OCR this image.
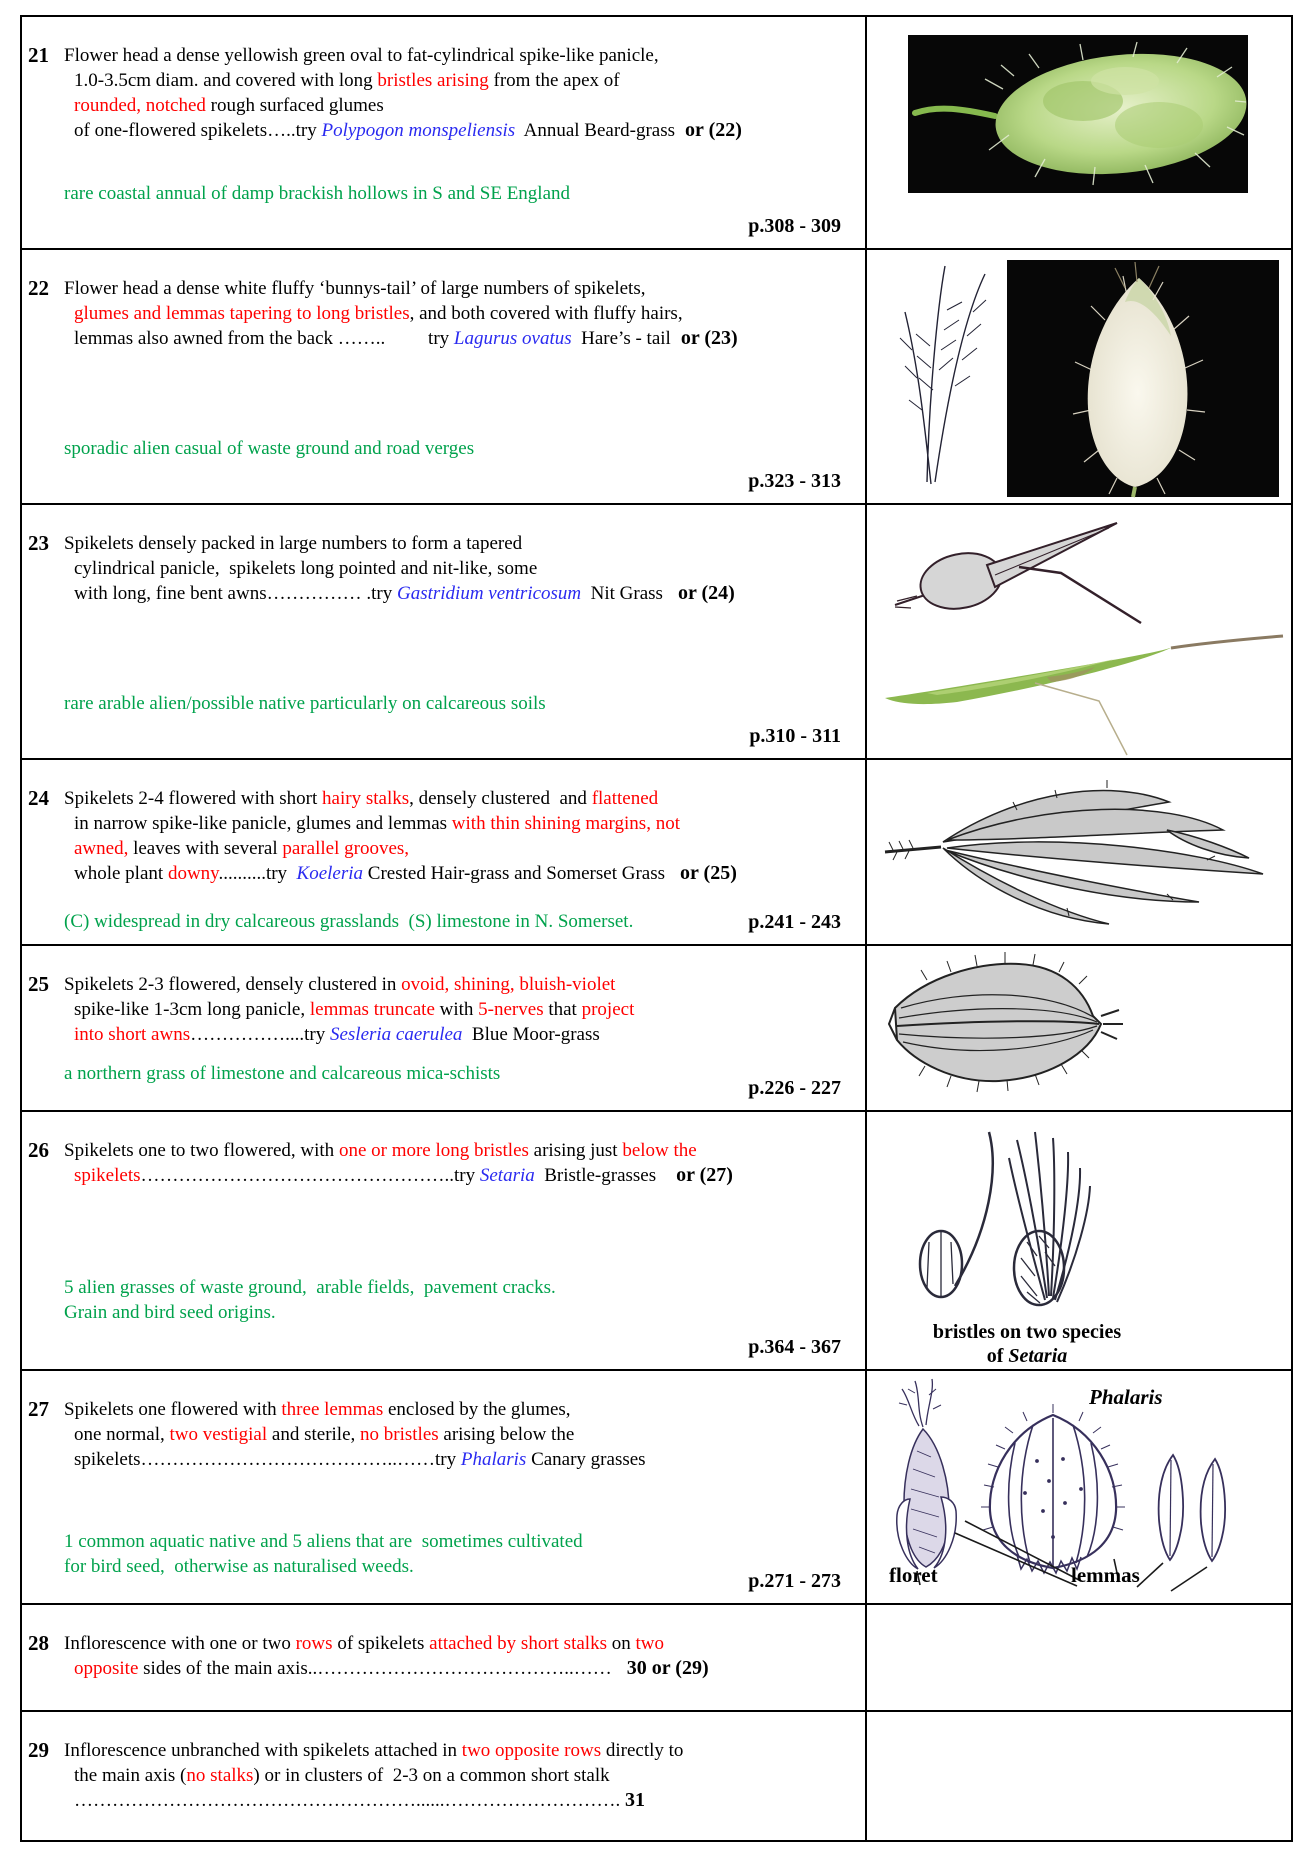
21 Flower head a dense yellowish green oval to fat-cylindrical spike-like panicle,
1.0-3.5cm diam. and covered with long bristles arising from the apex of
rounded, notched rough surfaced glumes
of one-flowered spikelets…..try Polypogon monspeliensis  Annual Beard-grass  or (22)
rare coastal annual of damp brackish hollows in S and SE England
p.308 - 309
22 Flower head a dense white fluffy ‘bunnys-tail’ of large numbers of spikelets,
glumes and lemmas tapering to long bristles, and both covered with fluffy hairs,
lemmas also awned from the back ……..         try Lagurus ovatus  Hare’s - tail  or (23)
sporadic alien casual of waste ground and road verges
p.323 - 313
23 Spikelets densely packed in large numbers to form a tapered
cylindrical panicle,  spikelets long pointed and nit-like, some
with long, fine bent awns…………… .try Gastridium ventricosum  Nit Grass   or (24)
rare arable alien/possible native particularly on calcareous soils
p.310 - 311
24 Spikelets 2-4 flowered with short hairy stalks, densely clustered  and flattened
in narrow spike-like panicle, glumes and lemmas with thin shining margins, not
awned, leaves with several parallel grooves,
whole plant downy..........try  Koeleria Crested Hair-grass and Somerset Grass   or (25)
(C) widespread in dry calcareous grasslands  (S) limestone in N. Somerset.	p.241 - 243
25 Spikelets 2-3 flowered, densely clustered in ovoid, shining, bluish-violet
spike-like 1-3cm long panicle, lemmas truncate with 5-nerves that project
into short awns……………....try Sesleria caerulea  Blue Moor-grass
a northern grass of limestone and calcareous mica-schists
p.226 - 227
26 Spikelets one to two flowered, with one or more long bristles arising just below the
spikelets…………………………………………..try Setaria  Bristle-grasses    or (27)
5 alien grasses of waste ground,  arable fields,  pavement cracks.
Grain and bird seed origins.
p.364 - 367
bristles on two species
of Setaria
27 Spikelets one flowered with three lemmas enclosed by the glumes,
one normal, two vestigial and sterile, no bristles arising below the
spikelets…………………………………..……try Phalaris Canary grasses
1 common aquatic native and 5 aliens that are  sometimes cultivated
for bird seed,  otherwise as naturalised weeds.
p.271 - 273
Phalaris
floret	lemmas
28 Inflorescence with one or two rows of spikelets attached by short stalks on two
opposite sides of the main axis..…………………………………..……   30 or (29)
29 Inflorescence unbranched with spikelets attached in two opposite rows directly to
the main axis (no stalks) or in clusters of  2-3 on a common short stalk
………………………………………………......………………………. 31
